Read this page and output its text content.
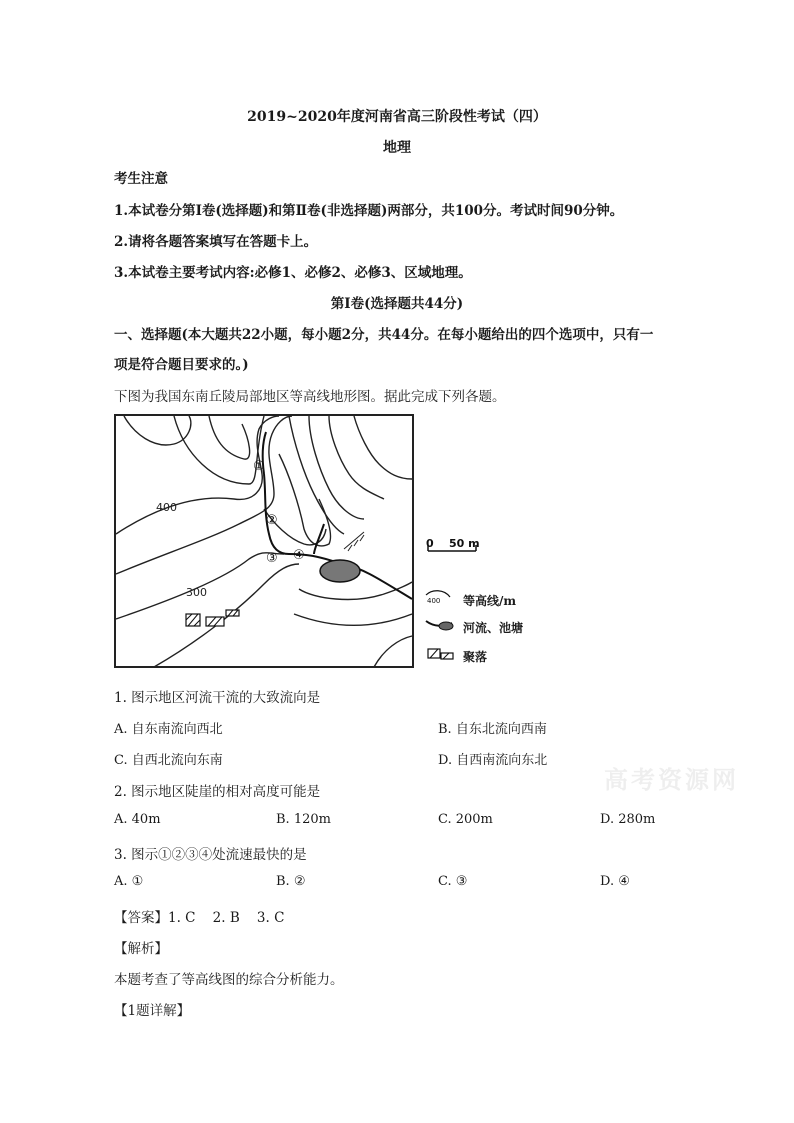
2019~2020年度河南省高三阶段性考试（四）
地理
考生注意
1.本试卷分第Ⅰ卷(选择题)和第Ⅱ卷(非选择题)两部分，共100分。考试时间90分钟。
2.请将各题答案填写在答题卡上。
3.本试卷主要考试内容:必修1、必修2、必修3、区域地理。
第Ⅰ卷(选择题共44分)
一、选择题(本大题共22小题，每小题2分，共44分。在每小题给出的四个选项中，只有一
项是符合题目要求的。)
下图为我国东南丘陵局部地区等高线地形图。据此完成下列各题。
400
300
①
②
③ ④
0    50 m
400 等高线/m
河流、池塘
聚落
1. 图示地区河流干流的大致流向是
A. 自东南流向西北	B. 自东北流向西南
C. 自西北流向东南	D. 自西南流向东北
2. 图示地区陡崖的相对高度可能是
A. 40m	B. 120m	C. 200m	D. 280m
3. 图示①②③④处流速最快的是
A. ①	B. ②	C. ③	D. ④
【答案】1. C    2. B    3. C
【解析】
本题考查了等高线图的综合分析能力。
【1题详解】
高考资源网
